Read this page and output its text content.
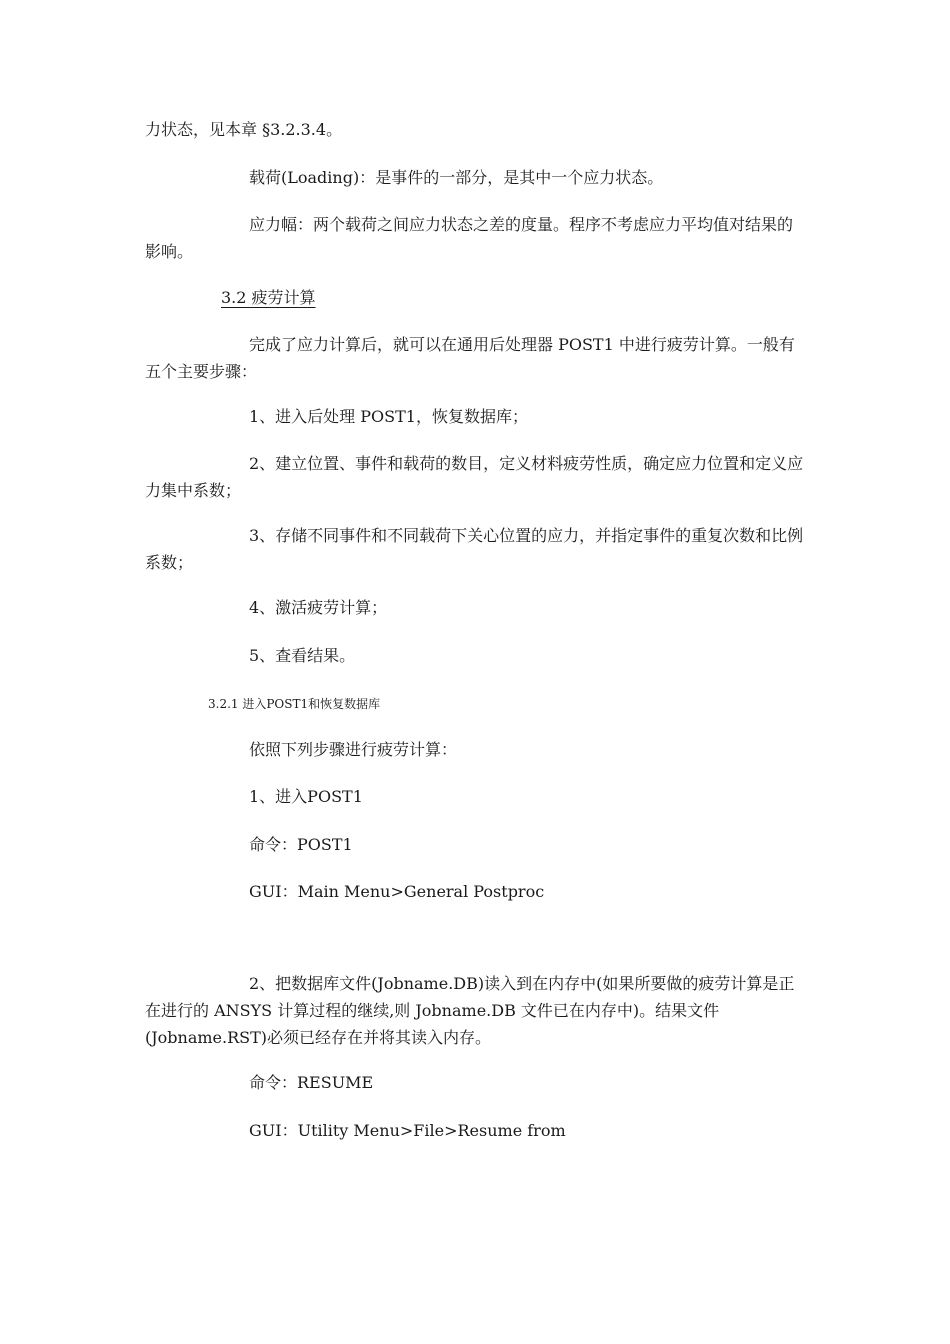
力状态，见本章 §3.2.3.4。

载荷(Loading)：是事件的一部分，是其中一个应力状态。

应力幅：两个载荷之间应力状态之差的度量。程序不考虑应力平均值对结果的影响。

3.2 疲劳计算

完成了应力计算后，就可以在通用后处理器 POST1 中进行疲劳计算。一般有五个主要步骤：

1、进入后处理 POST1，恢复数据库；

2、建立位置、事件和载荷的数目，定义材料疲劳性质，确定应力位置和定义应力集中系数；

3、存储不同事件和不同载荷下关心位置的应力，并指定事件的重复次数和比例系数；

4、激活疲劳计算；

5、查看结果。

3.2.1 进入POST1和恢复数据库

依照下列步骤进行疲劳计算：

1、进入POST1

命令：POST1

GUI：Main Menu>General Postproc

2、把数据库文件(Jobname.DB)读入到在内存中(如果所要做的疲劳计算是正在进行的 ANSYS 计算过程的继续,则 Jobname.DB 文件已在内存中)。结果文件(Jobname.RST)必须已经存在并将其读入内存。

命令：RESUME

GUI：Utility Menu>File>Resume from
